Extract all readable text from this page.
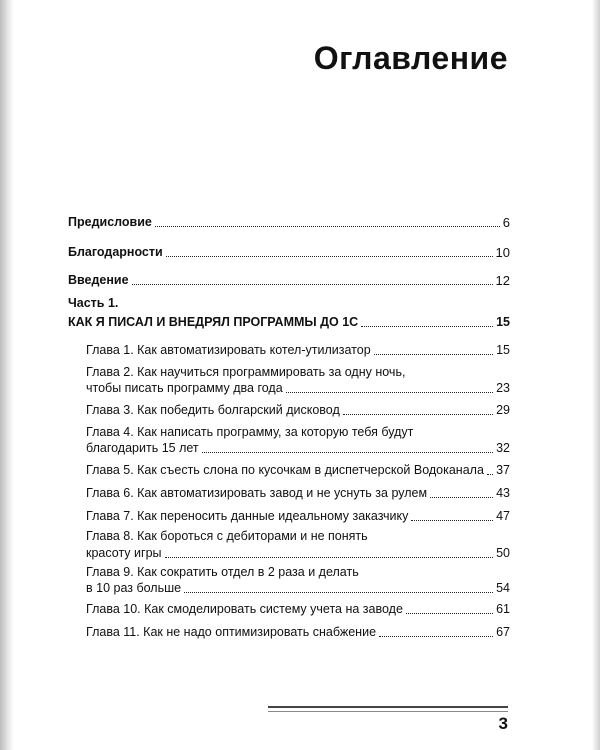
Оглавление
Предисловие	6
Благодарности	10
Введение	12
Часть 1.
КАК Я ПИСАЛ И ВНЕДРЯЛ ПРОГРАММЫ ДО 1С	15
Глава 1. Как автоматизировать котел-утилизатор	15
Глава 2. Как научиться программировать за одну ночь,
чтобы писать программу два года	23
Глава 3. Как победить болгарский дисковод	29
Глава 4. Как написать программу, за которую тебя будут
благодарить 15 лет	32
Глава 5. Как съесть слона по кусочкам в диспетчерской Водоканала 37
Глава 6. Как автоматизировать завод и не уснуть за рулем	43
Глава 7. Как переносить данные идеальному заказчику	47
Глава 8. Как бороться с дебиторами и не понять
красоту игры	50
Глава 9. Как сократить отдел в 2 раза и делать
в 10 раз больше	54
Глава 10. Как смоделировать систему учета на заводе	61
Глава 11. Как не надо оптимизировать снабжение	67
3
